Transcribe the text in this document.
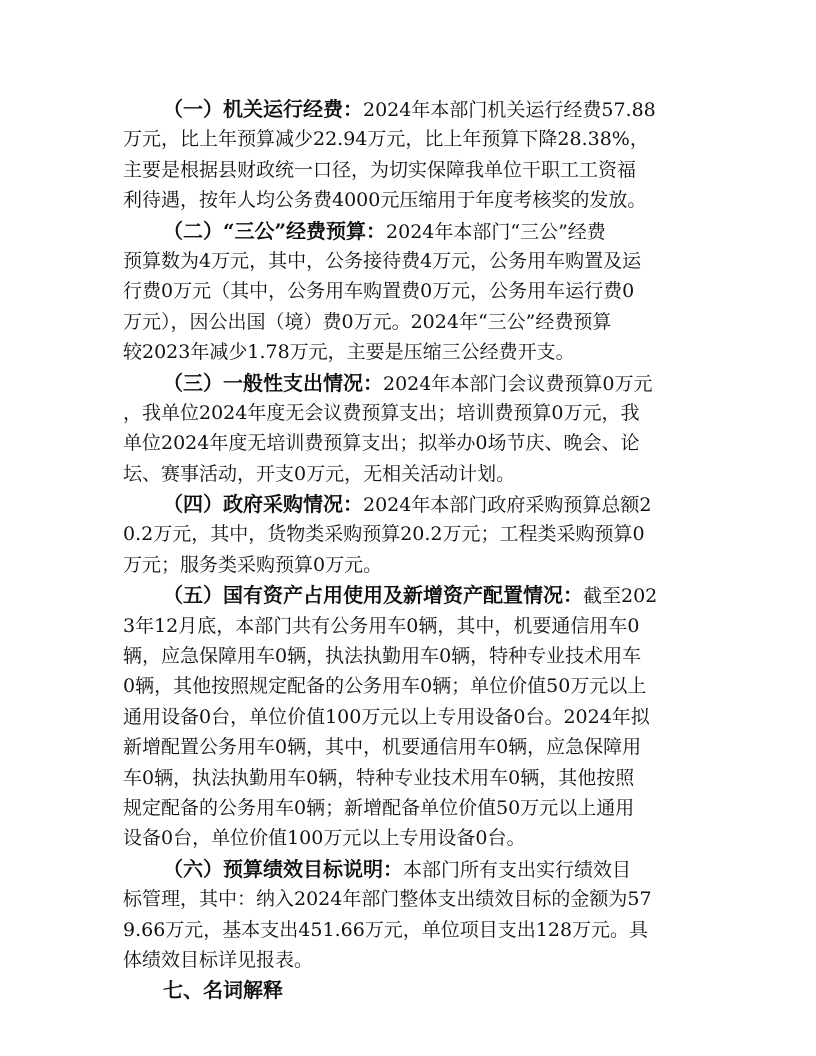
（一）机关运行经费：2024年本部门机关运行经费57.88
万元，比上年预算减少22.94万元，比上年预算下降28.38%，
主要是根据县财政统一口径，为切实保障我单位干职工工资福
利待遇，按年人均公务费4000元压缩用于年度考核奖的发放。
（二）“三公”经费预算：2024年本部门“三公”经费
预算数为4万元，其中，公务接待费4万元，公务用车购置及运
行费0万元（其中，公务用车购置费0万元，公务用车运行费0
万元），因公出国（境）费0万元。2024年“三公”经费预算
较2023年减少1.78万元，主要是压缩三公经费开支。
（三）一般性支出情况：2024年本部门会议费预算0万元
，我单位2024年度无会议费预算支出；培训费预算0万元，我
单位2024年度无培训费预算支出；拟举办0场节庆、晚会、论
坛、赛事活动，开支0万元，无相关活动计划。
（四）政府采购情况：2024年本部门政府采购预算总额2
0.2万元，其中，货物类采购预算20.2万元；工程类采购预算0
万元；服务类采购预算0万元。
（五）国有资产占用使用及新增资产配置情况：截至202
3年12月底，本部门共有公务用车0辆，其中，机要通信用车0
辆，应急保障用车0辆，执法执勤用车0辆，特种专业技术用车
0辆，其他按照规定配备的公务用车0辆；单位价值50万元以上
通用设备0台，单位价值100万元以上专用设备0台。2024年拟
新增配置公务用车0辆，其中，机要通信用车0辆，应急保障用
车0辆，执法执勤用车0辆，特种专业技术用车0辆，其他按照
规定配备的公务用车0辆；新增配备单位价值50万元以上通用
设备0台，单位价值100万元以上专用设备0台。
（六）预算绩效目标说明：本部门所有支出实行绩效目
标管理，其中：纳入2024年部门整体支出绩效目标的金额为57
9.66万元，基本支出451.66万元，单位项目支出128万元。具
体绩效目标详见报表。
七、名词解释
